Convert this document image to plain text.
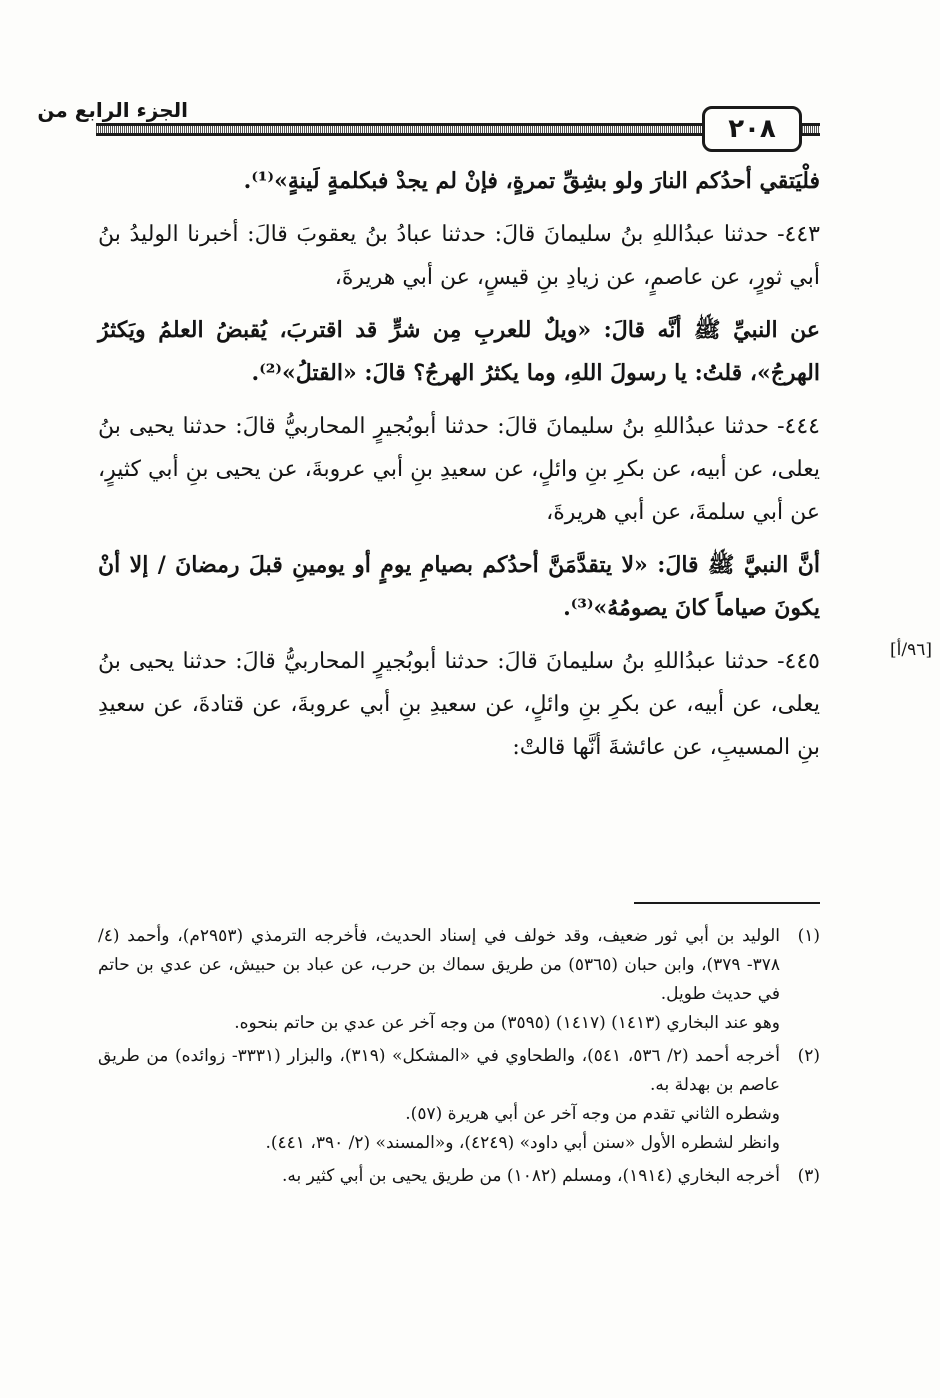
الجزء الرابع من
٢٠٨
[٩٦/أ]

فلْيَتقي أحدُكم النارَ ولو بشِقِّ تمرةٍ، فإنْ لم يجدْ فبكلمةٍ لَينةٍ»⁽¹⁾.

٤٤٣- حدثنا عبدُاللهِ بنُ سليمانَ قالَ: حدثنا عبادُ بنُ يعقوبَ قالَ: أخبرنا الوليدُ بنُ أبي ثورٍ، عن عاصمٍ، عن زيادِ بنِ قيسٍ، عن أبي هريرةَ،

عن النبيِّ ﷺ أنَّه قالَ: «ويلٌ للعربِ مِن شرٍّ قد اقتربَ، يُقبضُ العلمُ ويَكثرُ الهرجُ»، قلتُ: يا رسولَ اللهِ، وما يكثرُ الهرجُ؟ قالَ: «القتلُ»⁽²⁾.

٤٤٤- حدثنا عبدُاللهِ بنُ سليمانَ قالَ: حدثنا أبوبُجيرٍ المحاربيُّ قالَ: حدثنا يحيى بنُ يعلى، عن أبيه، عن بكرِ بنِ وائلٍ، عن سعيدِ بنِ أبي عروبةَ، عن يحيى بنِ أبي كثيرٍ، عن أبي سلمةَ، عن أبي هريرةَ،

أنَّ النبيَّ ﷺ قالَ: «لا يتقدَّمَنَّ أحدُكم بصيامِ يومٍ أو يومينِ قبلَ رمضانَ / إلا أنْ يكونَ صياماً كانَ يصومُهُ»⁽³⁾.

٤٤٥- حدثنا عبدُاللهِ بنُ سليمانَ قالَ: حدثنا أبوبُجيرٍ المحاربيُّ قالَ: حدثنا يحيى بنُ يعلى، عن أبيه، عن بكرِ بنِ وائلٍ، عن سعيدِ بنِ أبي عروبةَ، عن قتادةَ، عن سعيدِ بنِ المسيبِ، عن عائشةَ أنَّها قالتْ:

(١)
الوليد بن أبي ثور ضعيف، وقد خولف في إسناد الحديث، فأخرجه الترمذي (٢٩٥٣م)، وأحمد (٤/ ٣٧٨- ٣٧٩)، وابن حبان (٥٣٦٥) من طريق سماك بن حرب، عن عباد بن حبيش، عن عدي بن حاتم في حديث طويل.
وهو عند البخاري (١٤١٣) (١٤١٧) (٣٥٩٥) من وجه آخر عن عدي بن حاتم بنحوه.
(٢)
أخرجه أحمد (٢/ ٥٣٦، ٥٤١)، والطحاوي في «المشكل» (٣١٩)، والبزار (٣٣٣١- زوائده) من طريق عاصم بن بهدلة به.
وشطره الثاني تقدم من وجه آخر عن أبي هريرة (٥٧).
وانظر لشطره الأول «سنن أبي داود» (٤٢٤٩)، و«المسند» (٢/ ٣٩٠، ٤٤١).
(٣)
أخرجه البخاري (١٩١٤)، ومسلم (١٠٨٢) من طريق يحيى بن أبي كثير به.
